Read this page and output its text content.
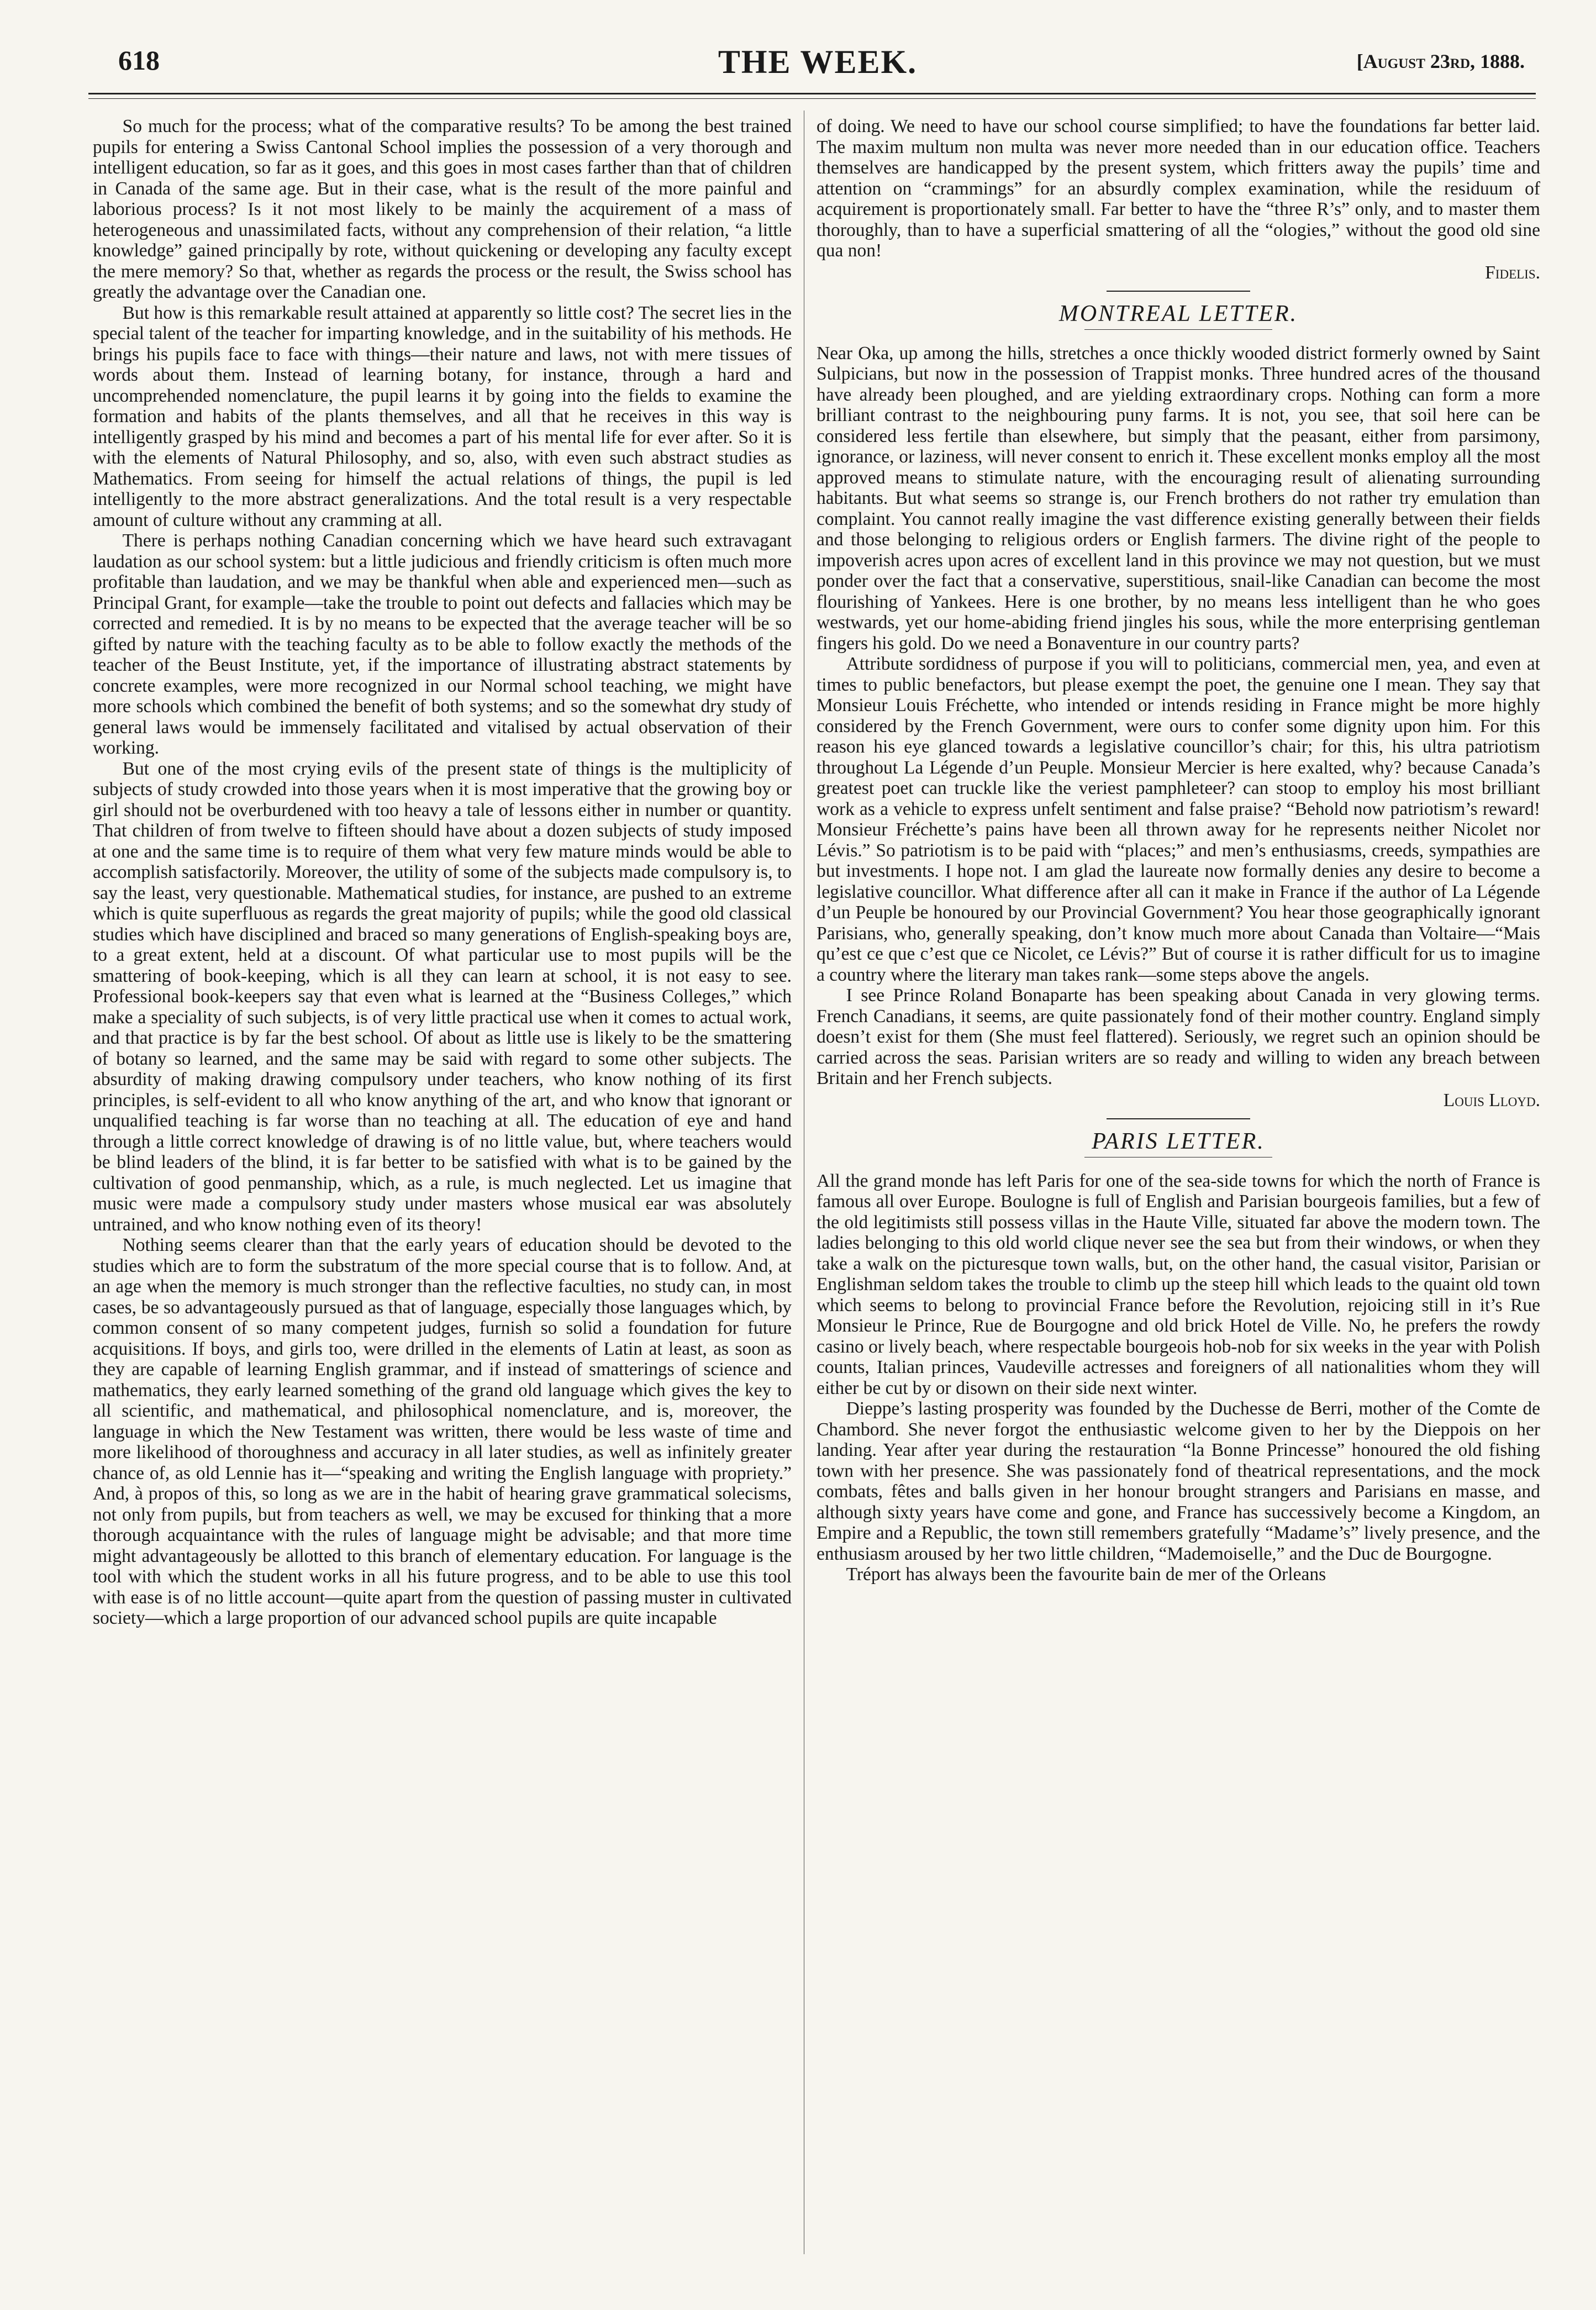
618	THE WEEK.	[August 23rd, 1888.

So much for the process; what of the comparative results? To be among the best trained pupils for entering a Swiss Cantonal School implies the possession of a very thorough and intelligent education, so far as it goes, and this goes in most cases farther than that of children in Canada of the same age. But in their case, what is the result of the more painful and laborious process? Is it not most likely to be mainly the acquirement of a mass of heterogeneous and unassimilated facts, without any comprehension of their relation, “a little knowledge” gained principally by rote, without quickening or developing any faculty except the mere memory? So that, whether as regards the process or the result, the Swiss school has greatly the advantage over the Canadian one.

But how is this remarkable result attained at apparently so little cost? The secret lies in the special talent of the teacher for imparting knowledge, and in the suitability of his methods. He brings his pupils face to face with things—their nature and laws, not with mere tissues of words about them. Instead of learning botany, for instance, through a hard and uncomprehended nomenclature, the pupil learns it by going into the fields to examine the formation and habits of the plants themselves, and all that he receives in this way is intelligently grasped by his mind and becomes a part of his mental life for ever after. So it is with the elements of Natural Philosophy, and so, also, with even such abstract studies as Mathematics. From seeing for himself the actual relations of things, the pupil is led intelligently to the more abstract generalizations. And the total result is a very respectable amount of culture without any cramming at all.

There is perhaps nothing Canadian concerning which we have heard such extravagant laudation as our school system: but a little judicious and friendly criticism is often much more profitable than laudation, and we may be thankful when able and experienced men—such as Principal Grant, for example—take the trouble to point out defects and fallacies which may be corrected and remedied. It is by no means to be expected that the average teacher will be so gifted by nature with the teaching faculty as to be able to follow exactly the methods of the teacher of the Beust Institute, yet, if the importance of illustrating abstract statements by concrete examples, were more recognized in our Normal school teaching, we might have more schools which combined the benefit of both systems; and so the somewhat dry study of general laws would be immensely facilitated and vitalised by actual observation of their working.

But one of the most crying evils of the present state of things is the multiplicity of subjects of study crowded into those years when it is most imperative that the growing boy or girl should not be overburdened with too heavy a tale of lessons either in number or quantity. That children of from twelve to fifteen should have about a dozen subjects of study imposed at one and the same time is to require of them what very few mature minds would be able to accomplish satisfactorily. Moreover, the utility of some of the subjects made compulsory is, to say the least, very questionable. Mathematical studies, for instance, are pushed to an extreme which is quite superfluous as regards the great majority of pupils; while the good old classical studies which have disciplined and braced so many generations of English-speaking boys are, to a great extent, held at a discount. Of what particular use to most pupils will be the smattering of book-keeping, which is all they can learn at school, it is not easy to see. Professional book-keepers say that even what is learned at the “Business Colleges,” which make a speciality of such subjects, is of very little practical use when it comes to actual work, and that practice is by far the best school. Of about as little use is likely to be the smattering of botany so learned, and the same may be said with regard to some other subjects. The absurdity of making drawing compulsory under teachers, who know nothing of its first principles, is self-evident to all who know anything of the art, and who know that ignorant or unqualified teaching is far worse than no teaching at all. The education of eye and hand through a little correct knowledge of drawing is of no little value, but, where teachers would be blind leaders of the blind, it is far better to be satisfied with what is to be gained by the cultivation of good penmanship, which, as a rule, is much neglected. Let us imagine that music were made a compulsory study under masters whose musical ear was absolutely untrained, and who know nothing even of its theory!

Nothing seems clearer than that the early years of education should be devoted to the studies which are to form the substratum of the more special course that is to follow. And, at an age when the memory is much stronger than the reflective faculties, no study can, in most cases, be so advantageously pursued as that of language, especially those languages which, by common consent of so many competent judges, furnish so solid a foundation for future acquisitions. If boys, and girls too, were drilled in the elements of Latin at least, as soon as they are capable of learning English grammar, and if instead of smatterings of science and mathematics, they early learned something of the grand old language which gives the key to all scientific, and mathematical, and philosophical nomenclature, and is, moreover, the language in which the New Testament was written, there would be less waste of time and more likelihood of thoroughness and accuracy in all later studies, as well as infinitely greater chance of, as old Lennie has it—“speaking and writing the English language with propriety.” And, à propos of this, so long as we are in the habit of hearing grave grammatical solecisms, not only from pupils, but from teachers as well, we may be excused for thinking that a more thorough acquaintance with the rules of language might be advisable; and that more time might advantageously be allotted to this branch of elementary education. For language is the tool with which the student works in all his future progress, and to be able to use this tool with ease is of no little account—quite apart from the question of passing muster in cultivated society—which a large proportion of our advanced school pupils are quite incapable

of doing. We need to have our school course simplified; to have the foundations far better laid. The maxim multum non multa was never more needed than in our education office. Teachers themselves are handicapped by the present system, which fritters away the pupils’ time and attention on “crammings” for an absurdly complex examination, while the residuum of acquirement is proportionately small. Far better to have the “three R’s” only, and to master them thoroughly, than to have a superficial smattering of all the “ologies,” without the good old sine qua non!

Fidelis.

MONTREAL LETTER.

Near Oka, up among the hills, stretches a once thickly wooded district formerly owned by Saint Sulpicians, but now in the possession of Trappist monks. Three hundred acres of the thousand have already been ploughed, and are yielding extraordinary crops. Nothing can form a more brilliant contrast to the neighbouring puny farms. It is not, you see, that soil here can be considered less fertile than elsewhere, but simply that the peasant, either from parsimony, ignorance, or laziness, will never consent to enrich it. These excellent monks employ all the most approved means to stimulate nature, with the encouraging result of alienating surrounding habitants. But what seems so strange is, our French brothers do not rather try emulation than complaint. You cannot really imagine the vast difference existing generally between their fields and those belonging to religious orders or English farmers. The divine right of the people to impoverish acres upon acres of excellent land in this province we may not question, but we must ponder over the fact that a conservative, superstitious, snail-like Canadian can become the most flourishing of Yankees. Here is one brother, by no means less intelligent than he who goes westwards, yet our home-abiding friend jingles his sous, while the more enterprising gentleman fingers his gold. Do we need a Bonaventure in our country parts?

Attribute sordidness of purpose if you will to politicians, commercial men, yea, and even at times to public benefactors, but please exempt the poet, the genuine one I mean. They say that Monsieur Louis Fréchette, who intended or intends residing in France might be more highly considered by the French Government, were ours to confer some dignity upon him. For this reason his eye glanced towards a legislative councillor’s chair; for this, his ultra patriotism throughout La Légende d’un Peuple. Monsieur Mercier is here exalted, why? because Canada’s greatest poet can truckle like the veriest pamphleteer? can stoop to employ his most brilliant work as a vehicle to express unfelt sentiment and false praise? “Behold now patriotism’s reward! Monsieur Fréchette’s pains have been all thrown away for he represents neither Nicolet nor Lévis.” So patriotism is to be paid with “places;” and men’s enthusiasms, creeds, sympathies are but investments. I hope not. I am glad the laureate now formally denies any desire to become a legislative councillor. What difference after all can it make in France if the author of La Légende d’un Peuple be honoured by our Provincial Government? You hear those geographically ignorant Parisians, who, generally speaking, don’t know much more about Canada than Voltaire—“Mais qu’est ce que c’est que ce Nicolet, ce Lévis?” But of course it is rather difficult for us to imagine a country where the literary man takes rank—some steps above the angels.

I see Prince Roland Bonaparte has been speaking about Canada in very glowing terms. French Canadians, it seems, are quite passionately fond of their mother country. England simply doesn’t exist for them (She must feel flattered). Seriously, we regret such an opinion should be carried across the seas. Parisian writers are so ready and willing to widen any breach between Britain and her French subjects.

Louis Lloyd.

PARIS LETTER.

All the grand monde has left Paris for one of the sea-side towns for which the north of France is famous all over Europe. Boulogne is full of English and Parisian bourgeois families, but a few of the old legitimists still possess villas in the Haute Ville, situated far above the modern town. The ladies belonging to this old world clique never see the sea but from their windows, or when they take a walk on the picturesque town walls, but, on the other hand, the casual visitor, Parisian or Englishman seldom takes the trouble to climb up the steep hill which leads to the quaint old town which seems to belong to provincial France before the Revolution, rejoicing still in it’s Rue Monsieur le Prince, Rue de Bourgogne and old brick Hotel de Ville. No, he prefers the rowdy casino or lively beach, where respectable bourgeois hob-nob for six weeks in the year with Polish counts, Italian princes, Vaudeville actresses and foreigners of all nationalities whom they will either be cut by or disown on their side next winter.

Dieppe’s lasting prosperity was founded by the Duchesse de Berri, mother of the Comte de Chambord. She never forgot the enthusiastic welcome given to her by the Dieppois on her landing. Year after year during the restauration “la Bonne Princesse” honoured the old fishing town with her presence. She was passionately fond of theatrical representations, and the mock combats, fêtes and balls given in her honour brought strangers and Parisians en masse, and although sixty years have come and gone, and France has successively become a Kingdom, an Empire and a Republic, the town still remembers gratefully “Madame’s” lively presence, and the enthusiasm aroused by her two little children, “Mademoiselle,” and the Duc de Bourgogne.

Tréport has always been the favourite bain de mer of the Orleans
